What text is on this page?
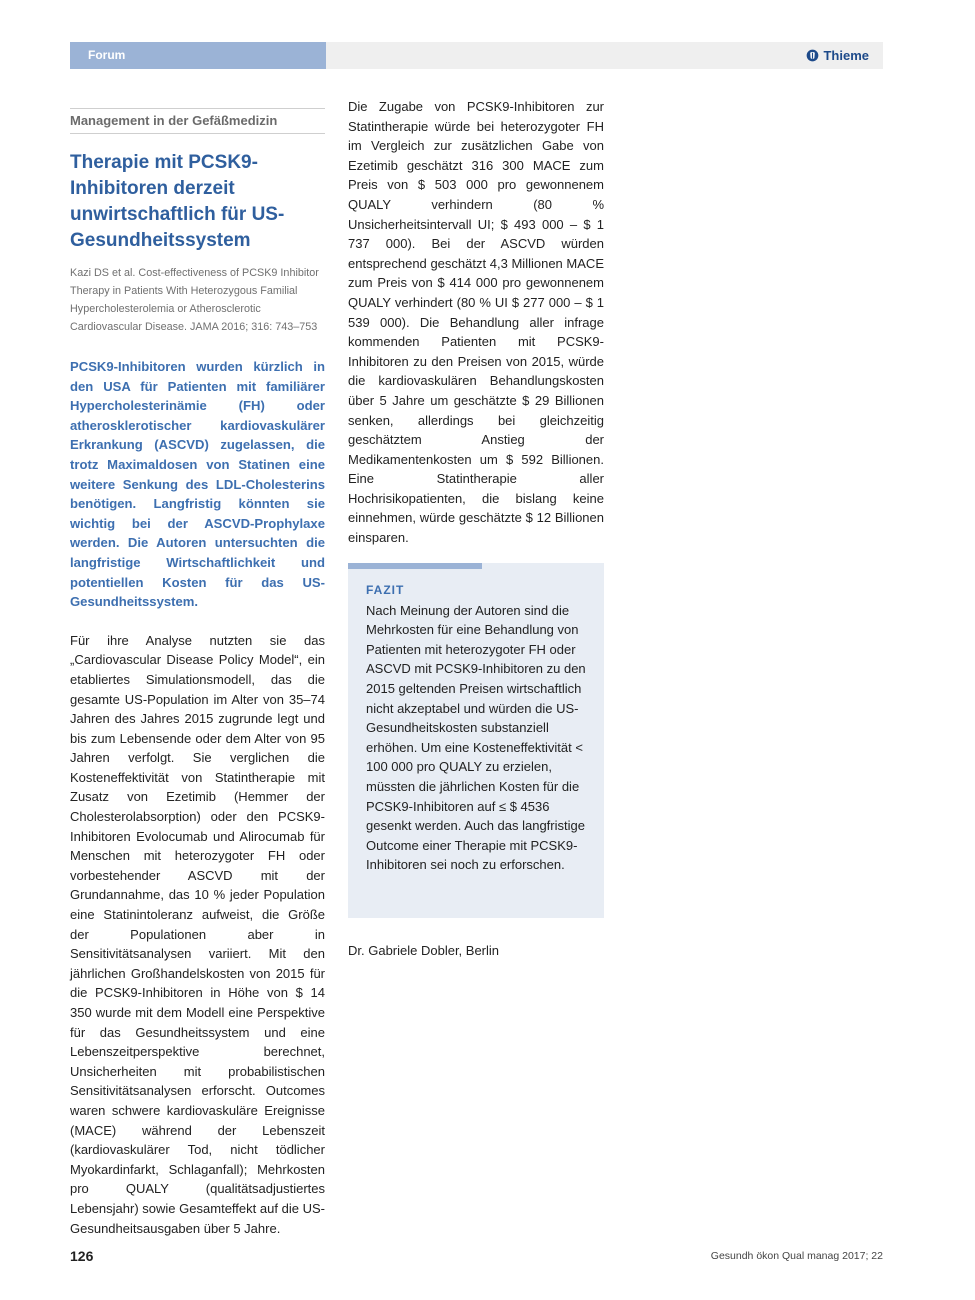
Forum	Thieme
Management in der Gefäßmedizin
Therapie mit PCSK9-Inhibitoren derzeit unwirtschaftlich für US-Gesundheitssystem
Kazi DS et al. Cost-effectiveness of PCSK9 Inhibitor Therapy in Patients With Heterozygous Familial Hypercholesterolemia or Atherosclerotic Cardiovascular Disease. JAMA 2016; 316: 743–753

PCSK9-Inhibitoren wurden kürzlich in den USA für Patienten mit familiärer Hypercholesterinämie (FH) oder atherosklerotischer kardiovaskulärer Erkrankung (ASCVD) zugelassen, die trotz Maximaldosen von Statinen eine weitere Senkung des LDL-Cholesterins benötigen. Langfristig könnten sie wichtig bei der ASCVD-Prophylaxe werden. Die Autoren untersuchten die langfristige Wirtschaftlichkeit und potentiellen Kosten für das US-Gesundheitssystem.

Für ihre Analyse nutzten sie das „Cardiovascular Disease Policy Model“, ein etabliertes Simulationsmodell, das die gesamte US-Population im Alter von 35–74 Jahren des Jahres 2015 zugrunde legt und bis zum Lebensende oder dem Alter von 95 Jahren verfolgt. Sie verglichen die Kosteneffektivität von Statintherapie mit Zusatz von Ezetimib (Hemmer der Cholesterolabsorption) oder den PCSK9-Inhibitoren Evolocumab und Alirocumab für Menschen mit heterozygoter FH oder vorbestehender ASCVD mit der Grundannahme, das 10 % jeder Population eine Statinintoleranz aufweist, die Größe der Populationen aber in Sensitivitätsanalysen variiert. Mit den jährlichen Großhandelskosten von 2015 für die PCSK9-Inhibitoren in Höhe von $ 14 350 wurde mit dem Modell eine Perspektive für das Gesundheitssystem und eine Lebenszeitperspektive berechnet, Unsicherheiten mit probabilistischen Sensitivitätsanalysen erforscht. Outcomes waren schwere kardiovaskuläre Ereignisse (MACE) während der Lebenszeit (kardiovaskulärer Tod, nicht tödlicher Myokardinfarkt, Schlaganfall); Mehrkosten pro QUALY (qualitätsadjustiertes Lebensjahr) sowie Gesamteffekt auf die US-Gesundheitsausgaben über 5 Jahre.

Die Zugabe von PCSK9-Inhibitoren zur Statintherapie würde bei heterozygoter FH im Vergleich zur zusätzlichen Gabe von Ezetimib geschätzt 316 300 MACE zum Preis von $ 503 000 pro gewonnenem QUALY verhindern (80 % Unsicherheitsintervall UI; $ 493 000 – $ 1 737 000). Bei der ASCVD würden entsprechend geschätzt 4,3 Millionen MACE zum Preis von $ 414 000 pro gewonnenem QUALY verhindert (80 % UI $ 277 000 – $ 1 539 000). Die Behandlung aller infrage kommenden Patienten mit PCSK9-Inhibitoren zu den Preisen von 2015, würde die kardiovaskulären Behandlungskosten über 5 Jahre um geschätzte $ 29 Billionen senken, allerdings bei gleichzeitig geschätztem Anstieg der Medikamentenkosten um $ 592 Billionen. Eine Statintherapie aller Hochrisikopatienten, die bislang keine einnehmen, würde geschätzte $ 12 Billionen einsparen.

FAZIT
Nach Meinung der Autoren sind die Mehrkosten für eine Behandlung von Patienten mit heterozygoter FH oder ASCVD mit PCSK9-Inhibitoren zu den 2015 geltenden Preisen wirtschaftlich nicht akzeptabel und würden die US-Gesundheitskosten substanziell erhöhen. Um eine Kosteneffektivität < 100 000 pro QUALY zu erzielen, müssten die jährlichen Kosten für die PCSK9-Inhibitoren auf ≤ $ 4536 gesenkt werden. Auch das langfristige Outcome einer Therapie mit PCSK9-Inhibitoren sei noch zu erforschen.
Dr. Gabriele Dobler, Berlin
126	Gesundh ökon Qual manag 2017; 22
